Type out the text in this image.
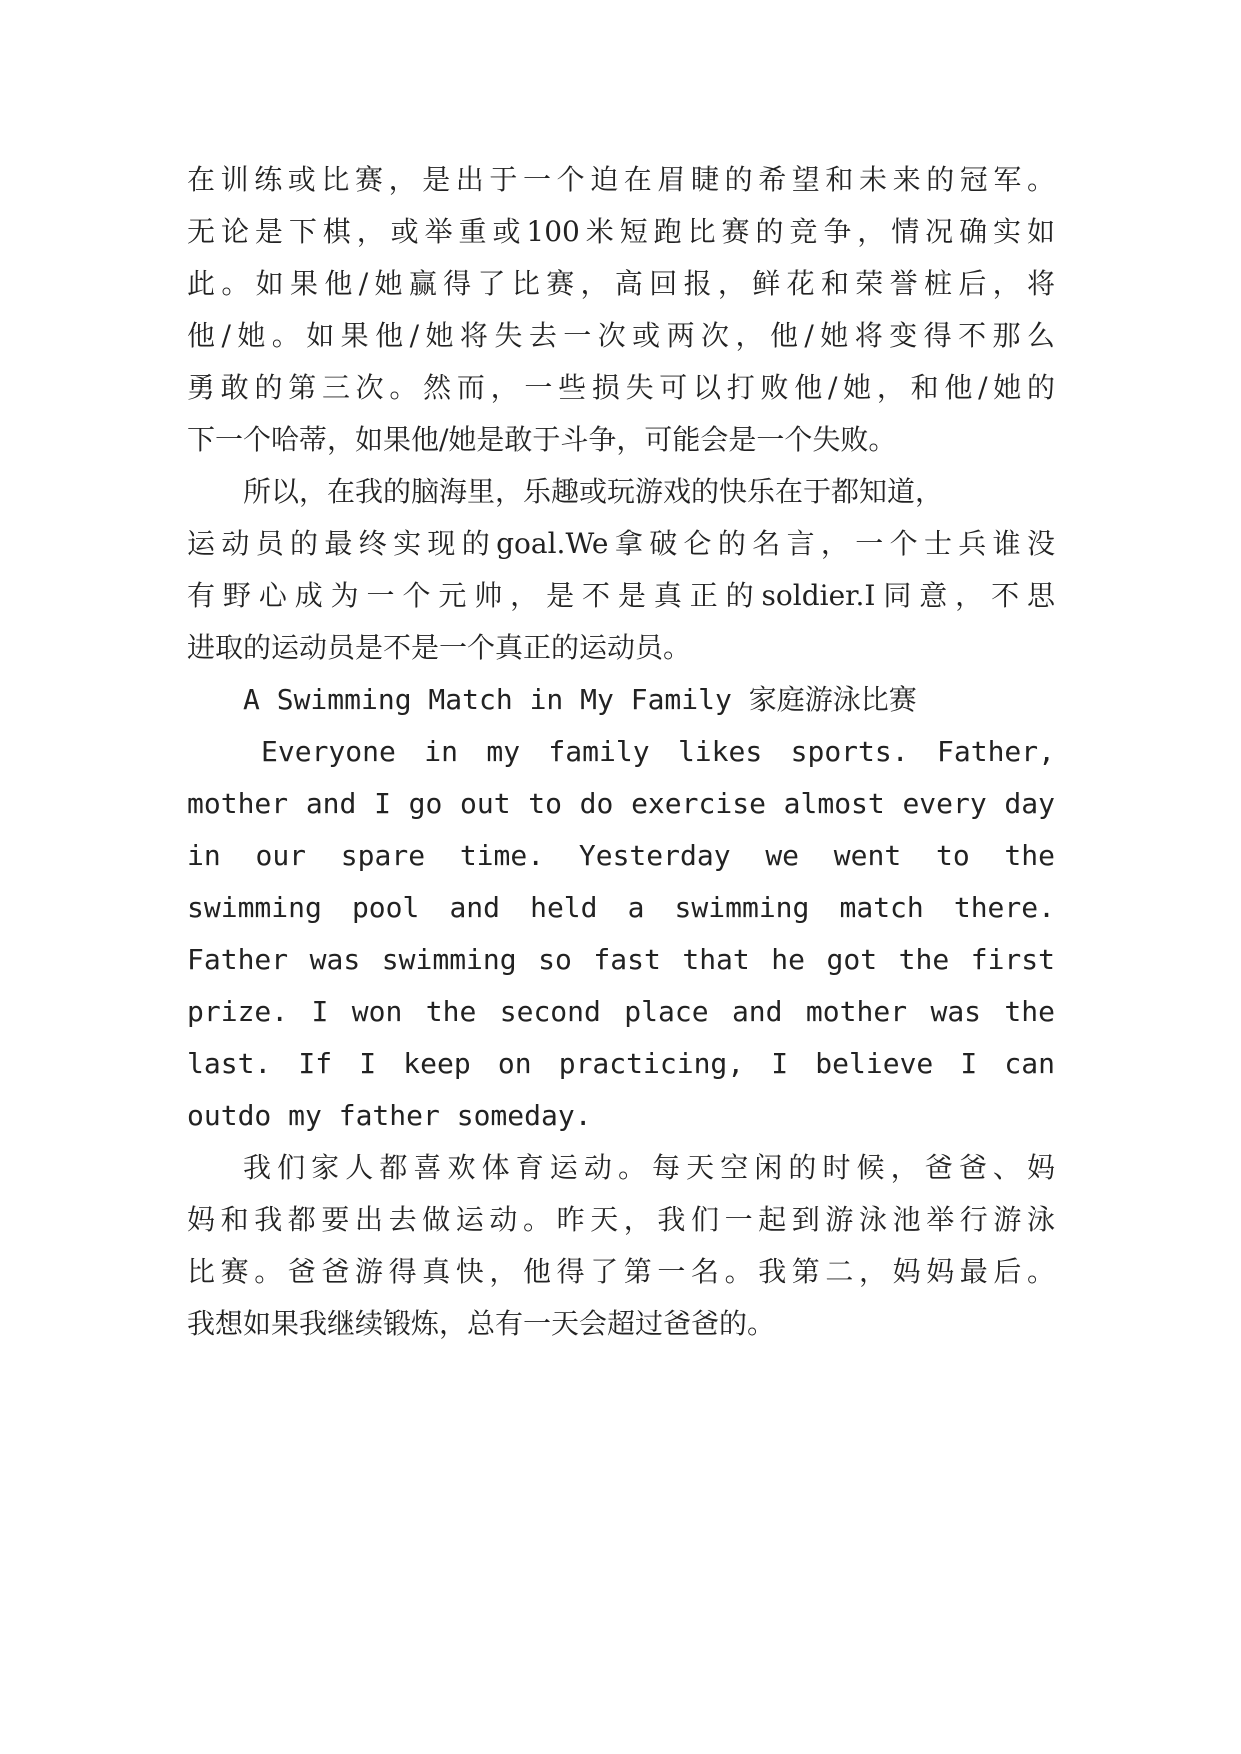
在训练或比赛，是出于一个迫在眉睫的希望和未来的冠军。
无论是下棋，或举重或100米短跑比赛的竞争，情况确实如
此。如果他/她赢得了比赛，高回报，鲜花和荣誉桩后，将
他/她。如果他/她将失去一次或两次，他/她将变得不那么
勇敢的第三次。然而，一些损失可以打败他/她，和他/她的
下一个哈蒂，如果他/她是敢于斗争，可能会是一个失败。
所以，在我的脑海里，乐趣或玩游戏的快乐在于都知道，
运动员的最终实现的goal.We拿破仑的名言，一个士兵谁没
有野心成为一个元帅，是不是真正的soldier.I同意，不思
进取的运动员是不是一个真正的运动员。
A Swimming Match in My Family 家庭游泳比赛
Everyone in my family likes sports. Father,
mother and I go out to do exercise almost every day
in our spare time. Yesterday we went to the
swimming pool and held a swimming match there.
Father was swimming so fast that he got the first
prize. I won the second place and mother was the
last. If I keep on practicing, I believe I can
outdo my father someday.
我们家人都喜欢体育运动。每天空闲的时候，爸爸、妈
妈和我都要出去做运动。昨天，我们一起到游泳池举行游泳
比赛。爸爸游得真快，他得了第一名。我第二，妈妈最后。
我想如果我继续锻炼，总有一天会超过爸爸的。
